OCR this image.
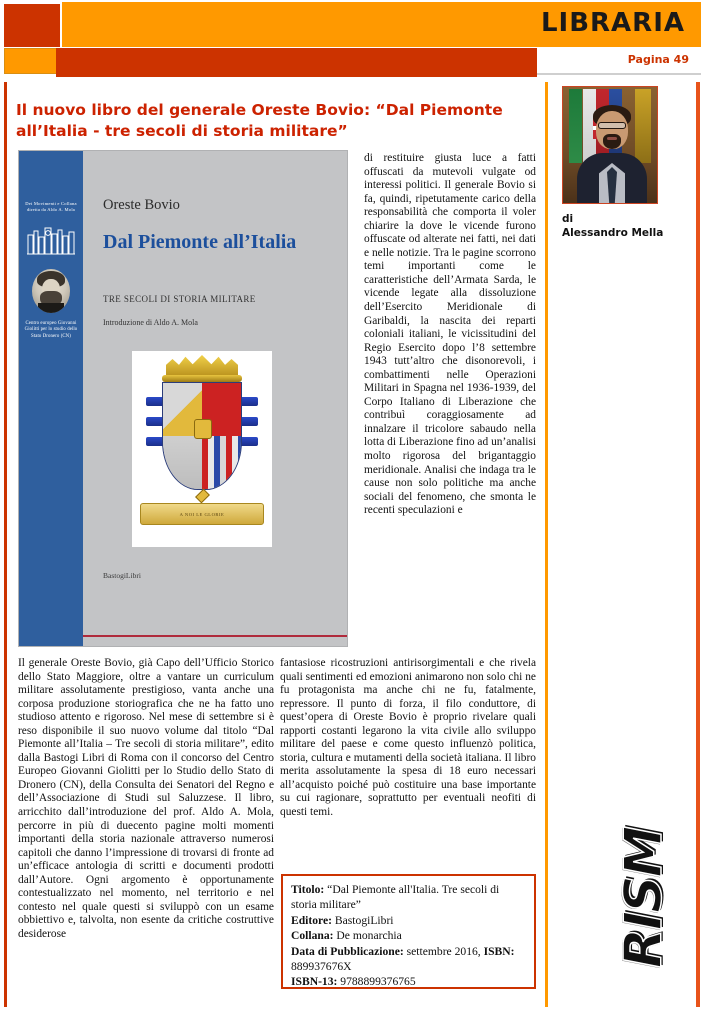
LIBRARIA
Pagina 49
Il nuovo libro del generale Oreste Bovio: “Dal Piemonte all’Italia - tre secoli di storia militare”
di
Alessandro Mella
Dei Movimenti e Collana diretta da Aldo A. Mola
Centro europeo Giovanni Giolitti per lo studio dello Stato Dronero (CN)
Oreste Bovio
Dal Piemonte all’Italia
TRE SECOLI DI STORIA MILITARE
Introduzione di Aldo A. Mola
A NOI LE GLORIE
BastogiLibri

di restituire giusta luce a fatti offuscati da mutevoli vulgate od interessi politici. Il generale Bovio si fa, quindi, ripetutamente carico della responsabilità che comporta il voler chiarire la dove le vicende furono offuscate od alterate nei fatti, nei dati e nelle notizie. Tra le pagine scorrono temi importanti come le caratteristiche dell’Armata Sarda, le vicende legate alla dissoluzione dell’Esercito Meridionale di Garibaldi, la nascita dei reparti coloniali italiani, le vicissitudini del Regio Esercito dopo l’8 settembre 1943 tutt’altro che disonorevoli, i combattimenti nelle Operazioni Militari in Spagna nel 1936-1939, del Corpo Italiano di Liberazione che contribuì coraggiosamente ad innalzare il tricolore sabaudo nella lotta di Liberazione fino ad un’analisi molto rigorosa del brigantaggio meridionale. Analisi che indaga tra le cause non solo politiche ma anche sociali del fenomeno, che smonta le recenti speculazioni e

Il generale Oreste Bovio, già Capo dell’Ufficio Storico dello Stato Maggiore, oltre a vantare un curriculum militare assolutamente prestigioso, vanta anche una corposa produzione storiografica che ne ha fatto uno studioso attento e rigoroso. Nel mese di settembre si è reso disponibile il suo nuovo volume dal titolo “Dal Piemonte all’Italia – Tre secoli di storia militare”, edito dalla Bastogi Libri di Roma con il concorso del Centro Europeo Giovanni Giolitti per lo Studio dello Stato di Dronero (CN), della Consulta dei Senatori del Regno e dell’Associazione di Studi sul Saluzzese. Il libro, arricchito dall’introduzione del prof. Aldo A. Mola, percorre in più di duecento pagine molti momenti importanti della storia nazionale attraverso numerosi capitoli che danno l’impressione di trovarsi di fronte ad un’efficace antologia di scritti e documenti prodotti dall’Autore. Ogni argomento è opportunamente contestualizzato nel momento, nel territorio e nel contesto nel quale questi si sviluppò con un esame obbiettivo e, talvolta, non esente da critiche costruttive desiderose

fantasiose ricostruzioni antirisorgimentali e che rivela quali sentimenti ed emozioni animarono non solo chi ne fu protagonista ma anche chi ne fu, fatalmente, repressore. Il punto di forza, il filo conduttore, di quest’opera di Oreste Bovio è proprio rivelare quali rapporti costanti legarono la vita civile allo sviluppo militare del paese e come questo influenzò politica, storia, cultura e mutamenti della società italiana. Il libro merita assolutamente la spesa di 18 euro necessari all’acquisto poiché può costituire una base importante su cui ragionare, soprattutto per eventuali neofiti di questi temi.

Titolo: “Dal Piemonte all'Italia. Tre secoli di storia militare”

Editore: BastogiLibri

Collana: De monarchia

Data di Pubblicazione: settembre 2016, ISBN: 889937676X

ISBN-13: 9788899376765

RISM
